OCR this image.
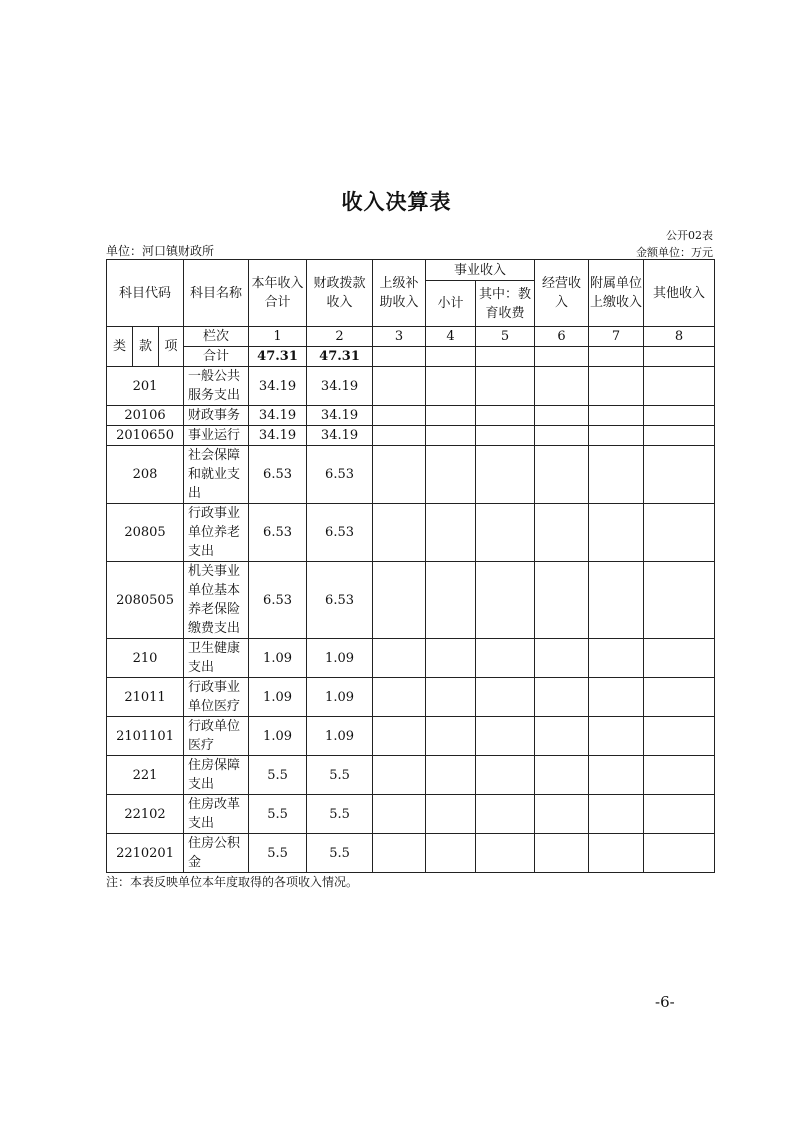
收入决算表
公开02表
单位：河口镇财政所	金额单位：万元
科目代码			科目名称	本年收入合计	财政拨款收入	上级补助收入	事业收入		经营收入	附属单位上缴收入	其他收入
							小计	其中：教育收费			
类	款	项	栏次	1	2	3	4	5	6	7	8
			合计	47.31	47.31						
201			一般公共服务支出	34.19	34.19						
20106			财政事务	34.19	34.19						
2010650			事业运行	34.19	34.19						
208			社会保障和就业支出	6.53	6.53						
20805			行政事业单位养老支出	6.53	6.53						
2080505			机关事业单位基本养老保险缴费支出	6.53	6.53						
210			卫生健康支出	1.09	1.09						
21011			行政事业单位医疗	1.09	1.09						
2101101			行政单位医疗	1.09	1.09						
221			住房保障支出	5.5	5.5						
22102			住房改革支出	5.5	5.5						
2210201			住房公积金	5.5	5.5						
注：本表反映单位本年度取得的各项收入情况。
-6-
